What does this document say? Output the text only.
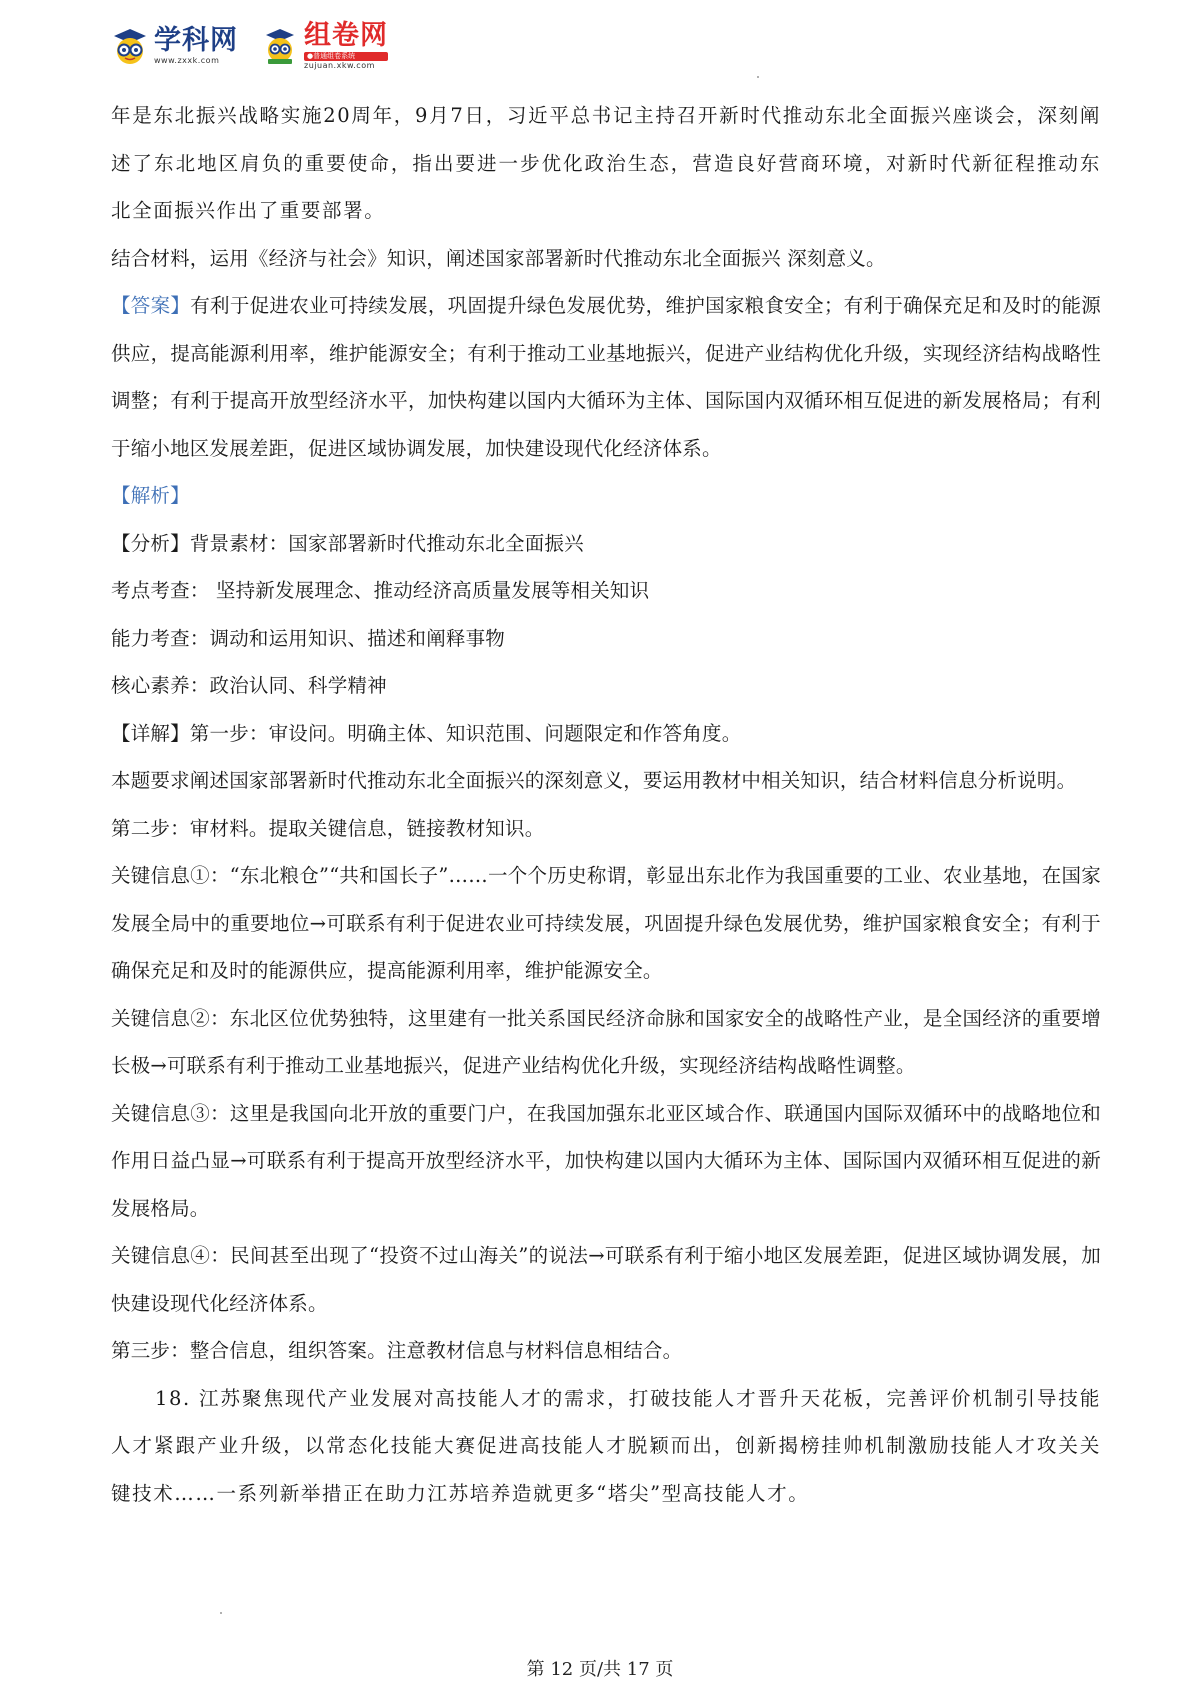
学科网
www.zxxk.com
组卷网
●普通组卷系统
zujuan.xkw.com

年是东北振兴战略实施20周年，9月7日，习近平总书记主持召开新时代推动东北全面振兴座谈会，深刻阐述了东北地区肩负的重要使命，指出要进一步优化政治生态，营造良好营商环境，对新时代新征程推动东北全面振兴作出了重要部署。

结合材料，运用《经济与社会》知识，阐述国家部署新时代推动东北全面振兴 深刻意义。

【答案】有利于促进农业可持续发展，巩固提升绿色发展优势，维护国家粮食安全；有利于确保充足和及时的能源供应，提高能源利用率，维护能源安全；有利于推动工业基地振兴，促进产业结构优化升级，实现经济结构战略性调整；有利于提高开放型经济水平，加快构建以国内大循环为主体、国际国内双循环相互促进的新发展格局；有利于缩小地区发展差距，促进区域协调发展，加快建设现代化经济体系。

【解析】

【分析】背景素材：国家部署新时代推动东北全面振兴

考点考查： 坚持新发展理念、推动经济高质量发展等相关知识

能力考查：调动和运用知识、描述和阐释事物

核心素养：政治认同、科学精神

【详解】第一步：审设问。明确主体、知识范围、问题限定和作答角度。

本题要求阐述国家部署新时代推动东北全面振兴的深刻意义，要运用教材中相关知识，结合材料信息分析说明。

第二步：审材料。提取关键信息，链接教材知识。

关键信息①：“东北粮仓”“共和国长子”……一个个历史称谓，彰显出东北作为我国重要的工业、农业基地，在国家发展全局中的重要地位→可联系有利于促进农业可持续发展，巩固提升绿色发展优势，维护国家粮食安全；有利于确保充足和及时的能源供应，提高能源利用率，维护能源安全。

关键信息②：东北区位优势独特，这里建有一批关系国民经济命脉和国家安全的战略性产业，是全国经济的重要增长极→可联系有利于推动工业基地振兴，促进产业结构优化升级，实现经济结构战略性调整。

关键信息③：这里是我国向北开放的重要门户，在我国加强东北亚区域合作、联通国内国际双循环中的战略地位和作用日益凸显→可联系有利于提高开放型经济水平，加快构建以国内大循环为主体、国际国内双循环相互促进的新发展格局。

关键信息④：民间甚至出现了“投资不过山海关”的说法→可联系有利于缩小地区发展差距，促进区域协调发展，加快建设现代化经济体系。

第三步：整合信息，组织答案。注意教材信息与材料信息相结合。

18. 江苏聚焦现代产业发展对高技能人才的需求，打破技能人才晋升天花板，完善评价机制引导技能人才紧跟产业升级，以常态化技能大赛促进高技能人才脱颖而出，创新揭榜挂帅机制激励技能人才攻关关键技术……一系列新举措正在助力江苏培养造就更多“塔尖”型高技能人才。

第 12 页/共 17 页
